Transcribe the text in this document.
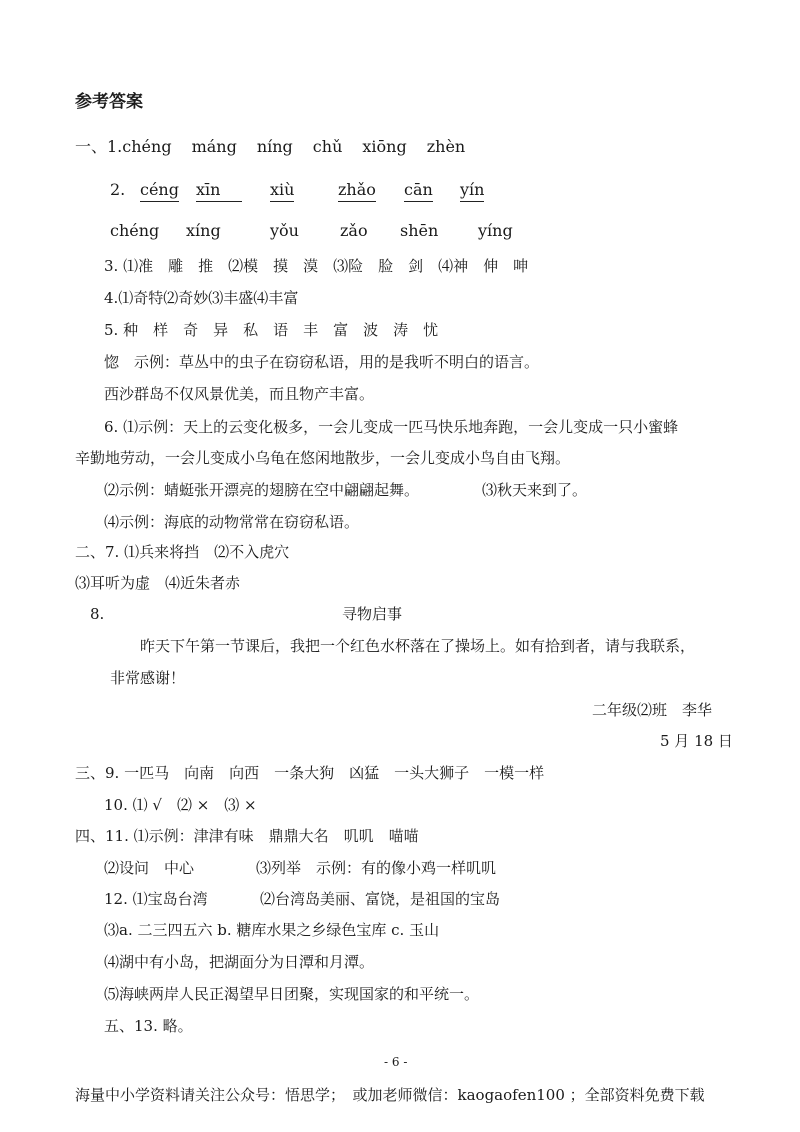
参考答案
一、1.chéng máng níng chǔ xiōng zhèn
2. céng xīn	xiù	zhǎo cān yín
chéng xíng	yǒu	zǎo shēn yíng
3. ⑴准　雕　推　⑵模　摸　漠　⑶险　脸　剑　⑷神　伸　呻
4.⑴奇特⑵奇妙⑶丰盛⑷丰富
5. 种　样　奇　异　私　语　丰　富　波　涛　忧
惚　示例：草丛中的虫子在窃窃私语，用的是我听不明白的语言。
西沙群岛不仅风景优美，而且物产丰富。
6. ⑴示例：天上的云变化极多，一会儿变成一匹马快乐地奔跑，一会儿变成一只小蜜蜂
辛勤地劳动，一会儿变成小乌龟在悠闲地散步，一会儿变成小鸟自由飞翔。
⑵示例：蜻蜓张开漂亮的翅膀在空中翩翩起舞。	⑶秋天来到了。
⑷示例：海底的动物常常在窃窃私语。
二、7. ⑴兵来将挡　⑵不入虎穴
⑶耳听为虚　⑷近朱者赤
8.	寻物启事
昨天下午第一节课后，我把一个红色水杯落在了操场上。如有拾到者，请与我联系，
非常感谢！
二年级⑵班　李华
5 月 18 日
三、9. 一匹马　向南　向西　一条大狗　凶猛　一头大狮子　一模一样
10. ⑴ √　⑵ ×　⑶ ×
四、11. ⑴示例：津津有味　鼎鼎大名　叽叽　喵喵
⑵设问　中心	⑶列举　示例：有的像小鸡一样叽叽
12. ⑴宝岛台湾	⑵台湾岛美丽、富饶，是祖国的宝岛
⑶a. 二三四五六 b. 糖库水果之乡绿色宝库 c. 玉山
⑷湖中有小岛，把湖面分为日潭和月潭。
⑸海峡两岸人民正渴望早日团聚，实现国家的和平统一。
五、13. 略。
- 6 -
海量中小学资料请关注公众号：悟思学；　或加老师微信：kaogaofen100 ；全部资料免费下载
